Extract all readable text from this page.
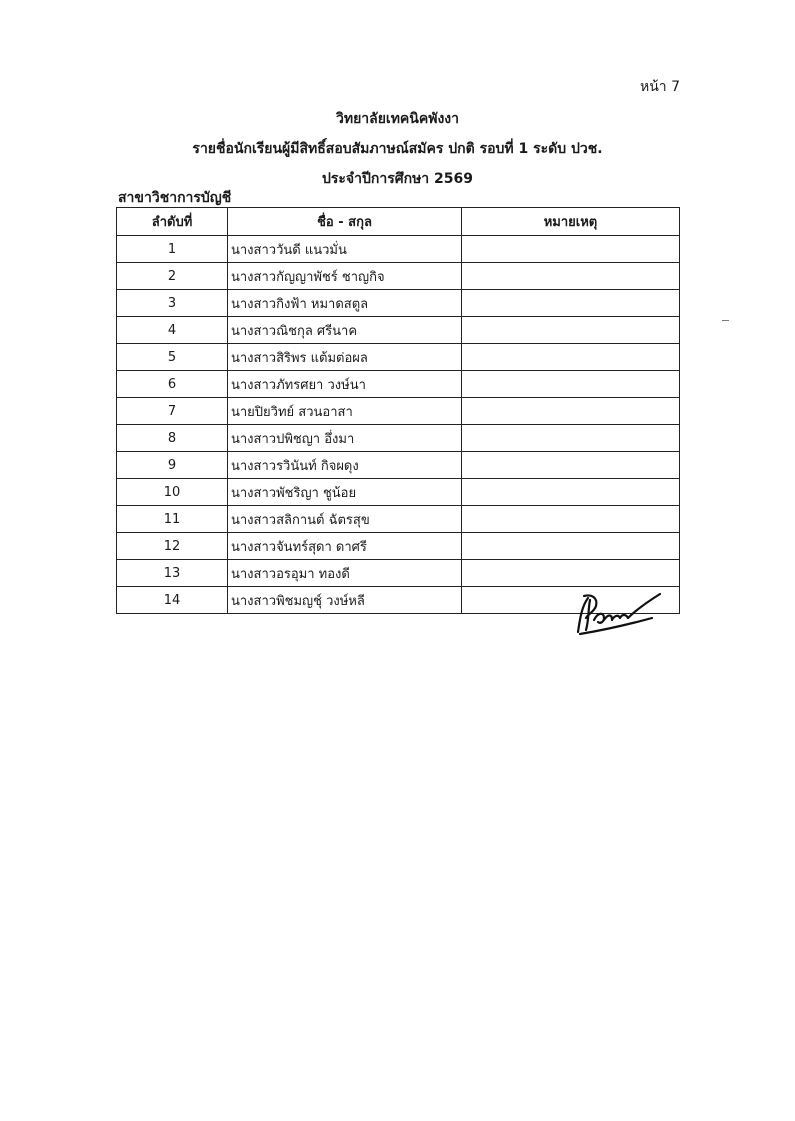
หน้า 7
วิทยาลัยเทคนิคพังงา
รายชื่อนักเรียนผู้มีสิทธิ์สอบสัมภาษณ์สมัคร ปกติ รอบที่ 1 ระดับ ปวช.
ประจำปีการศึกษา 2569
สาขาวิชาการบัญชี
ลำดับที่	ชื่อ - สกุล	หมายเหตุ
1	นางสาววันดี แนวมั่น	
2	นางสาวกัญญาพัชร์ ชาญกิจ	
3	นางสาวกิงฟ้า หมาดสตูล	
4	นางสาวณิชกุล ศรีนาค	
5	นางสาวสิริพร แต้มต่อผล	
6	นางสาวภัทรศยา วงษ์นา	
7	นายปิยวิทย์ สวนอาสา	
8	นางสาวปพิชญา อึ่งมา	
9	นางสาวรวินันท์ กิจผดุง	
10	นางสาวพัชริญา ชูน้อย	
11	นางสาวสลิกานต์ ฉัตรสุข	
12	นางสาวจันทร์สุดา ดาศรี	
13	นางสาวอรอุมา ทองดี	
14	นางสาวพิชมญชุ์ วงษ์หลี	
